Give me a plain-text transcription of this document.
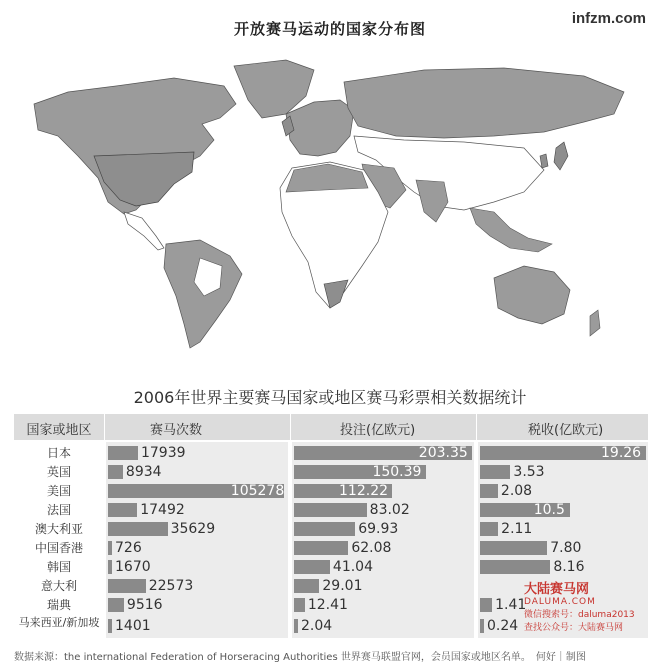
开放赛马运动的国家分布图
infzm.com
2006年世界主要赛马国家或地区赛马彩票相关数据统计
国家或地区	赛马次数	投注(亿欧元)	税收(亿欧元)
日本	17939	203.35	19.26
英国	8934	150.39	3.53
美国	105278	112.22	2.08
法国	17492	83.02	10.5
澳大利亚	35629	69.93	2.11
中国香港	726	62.08	7.80
韩国	1670	41.04	8.16
意大利	22573	29.01
瑞典	9516	12.41	1.41
马来西亚/新加坡 1401	2.04	0.24
数据来源：the international Federation of Horseracing Authorities 世界赛马联盟官网，会员国家或地区名单。　何好｜制图
大陆赛马网
DALUMA.COM
微信搜索号：daluma2013
查找公众号：大陆赛马网
